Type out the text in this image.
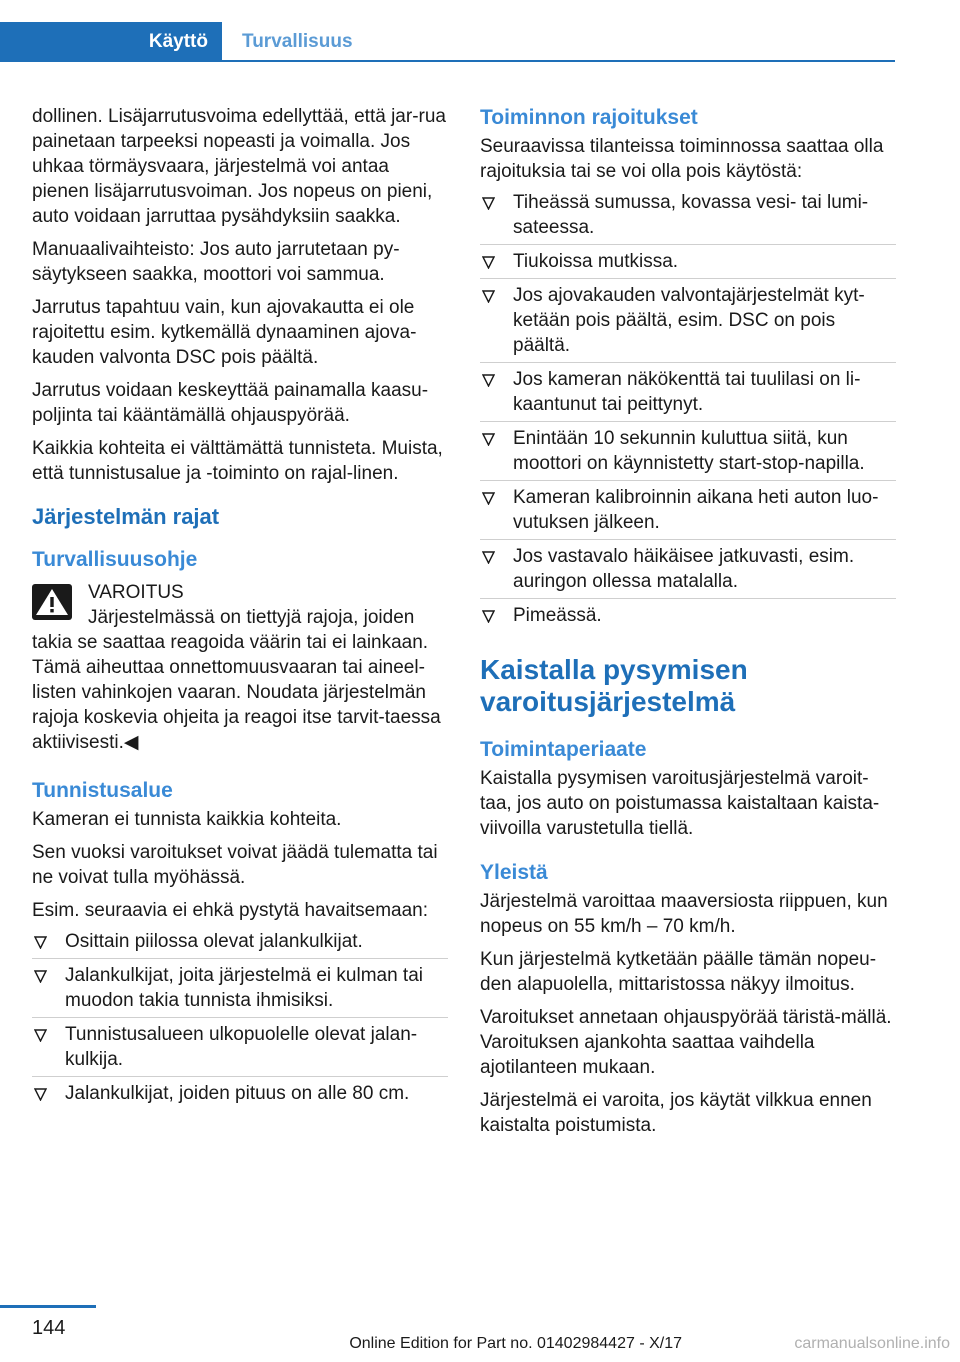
Käyttö Turvallisuus

dollinen. Lisäjarrutusvoima edellyttää, että jar‐rua painetaan tarpeeksi nopeasti ja voimalla. Jos uhkaa törmäysvaara, järjestelmä voi antaa pienen lisäjarrutusvoiman. Jos nopeus on pieni, auto voidaan jarruttaa pysähdyksiin saakka.

Manuaalivaihteisto: Jos auto jarrutetaan py‐säytykseen saakka, moottori voi sammua.

Jarrutus tapahtuu vain, kun ajovakautta ei ole rajoitettu esim. kytkemällä dynaaminen ajova‐kauden valvonta DSC pois päältä.

Jarrutus voidaan keskeyttää painamalla kaasu‐poljinta tai kääntämällä ohjauspyörää.

Kaikkia kohteita ei välttämättä tunnisteta. Muista, että tunnistusalue ja -toiminto on rajal‐linen.

Järjestelmän rajat
Turvallisuusohje

VAROITUS

Järjestelmässä on tiettyjä rajoja, joiden

takia se saattaa reagoida väärin tai ei lainkaan. Tämä aiheuttaa onnettomuusvaaran tai aineel‐listen vahinkojen vaaran. Noudata järjestelmän rajoja koskevia ohjeita ja reagoi itse tarvit‐taessa aktiivisesti.◀

Tunnistusalue

Kameran ei tunnista kaikkia kohteita.

Sen vuoksi varoitukset voivat jäädä tulematta tai ne voivat tulla myöhässä.

Esim. seuraavia ei ehkä pystytä havaitsemaan:

Osittain piilossa olevat jalankulkijat.
Jalankulkijat, joita järjestelmä ei kulman tai muodon takia tunnista ihmisiksi.
Tunnistusalueen ulkopuolelle olevat jalan‐kulkija.
Jalankulkijat, joiden pituus on alle 80 cm.
Toiminnon rajoitukset

Seuraavissa tilanteissa toiminnossa saattaa olla rajoituksia tai se voi olla pois käytöstä:

Tiheässä sumussa, kovassa vesi- tai lumi‐sateessa.
Tiukoissa mutkissa.
Jos ajovakauden valvontajärjestelmät kyt‐ketään pois päältä, esim. DSC on pois päältä.
Jos kameran näkökenttä tai tuulilasi on li‐kaantunut tai peittynyt.
Enintään 10 sekunnin kuluttua siitä, kun moottori on käynnistetty start-stop-napilla.
Kameran kalibroinnin aikana heti auton luo‐vutuksen jälkeen.
Jos vastavalo häikäisee jatkuvasti, esim. auringon ollessa matalalla.
Pimeässä.
Kaistalla pysymisen varoitusjärjestelmä
Toimintaperiaate

Kaistalla pysymisen varoitusjärjestelmä varoit‐taa, jos auto on poistumassa kaistaltaan kaista‐viivoilla varustetulla tiellä.

Yleistä

Järjestelmä varoittaa maaversiosta riippuen, kun nopeus on 55 km/h – 70 km/h.

Kun järjestelmä kytketään päälle tämän nopeu‐den alapuolella, mittaristossa näkyy ilmoitus.

Varoitukset annetaan ohjauspyörää täristä‐mällä. Varoituksen ajankohta saattaa vaihdella ajotilanteen mukaan.

Järjestelmä ei varoita, jos käytät vilkkua ennen kaistalta poistumista.

144
Online Edition for Part no. 01402984427 - X/17	carmanualsonline.info
